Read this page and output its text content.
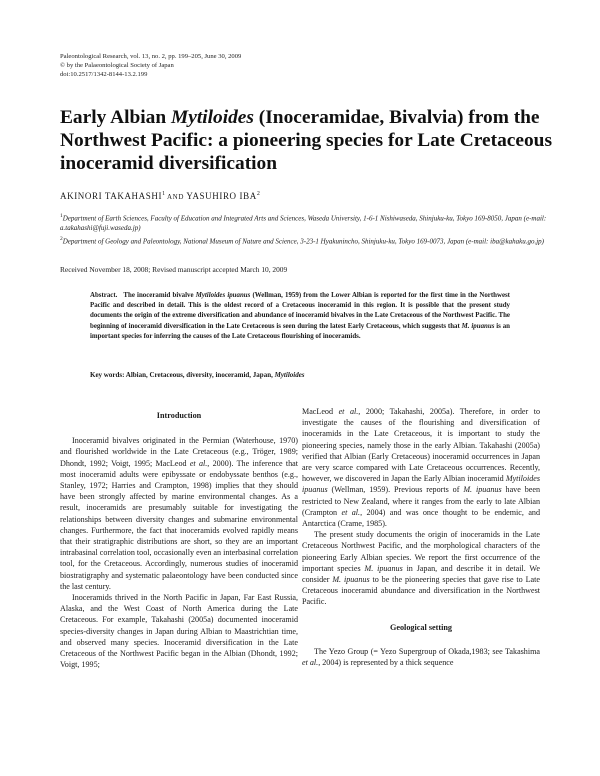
Paleontological Research, vol. 13, no. 2, pp. 199–205, June 30, 2009
© by the Palaeontological Society of Japan
doi:10.2517/1342-8144-13.2.199
Early Albian Mytiloides (Inoceramidae, Bivalvia) from the Northwest Pacific: a pioneering species for Late Cretaceous inoceramid diversification
AKINORI TAKAHASHI$^1$ AND YASUHIRO IBA$^2$
$^1$Department of Earth Sciences, Faculty of Education and Integrated Arts and Sciences, Waseda University, 1-6-1 Nishiwaseda, Shinjuku-ku, Tokyo 169-8050, Japan (e-mail: a.takahashi@fuji.waseda.jp)
$^2$Department of Geology and Paleontology, National Museum of Nature and Science, 3-23-1 Hyakunincho, Shinjuku-ku, Tokyo 169-0073, Japan (e-mail: iba@kahaku.go.jp)
Received November 18, 2008; Revised manuscript accepted March 10, 2009
Abstract. The inoceramid bivalve Mytiloides ipuanus (Wellman, 1959) from the Lower Albian is reported for the first time in the Northwest Pacific and described in detail. This is the oldest record of a Cretaceous inoceramid in this region. It is possible that the present study documents the origin of the extreme diversification and abundance of inoceramid bivalves in the Late Cretaceous of the Northwest Pacific. The beginning of inoceramid diversification in the Late Cretaceous is seen during the latest Early Cretaceous, which suggests that M. ipuanus is an important species for inferring the causes of the Late Cretaceous flourishing of inoceramids.
Key words: Albian, Cretaceous, diversity, inoceramid, Japan, Mytiloides
Introduction

Inoceramid bivalves originated in the Permian (Waterhouse, 1970) and flourished worldwide in the Late Cretaceous (e.g., Tröger, 1989; Dhondt, 1992; Voigt, 1995; MacLeod et al., 2000). The inference that most inoceramid adults were epibyssate or endobyssate benthos (e.g., Stanley, 1972; Harries and Crampton, 1998) implies that they should have been strongly affected by marine environmental changes. As a result, inoceramids are presumably suitable for investigating the relationships between diversity changes and submarine environmental changes. Furthermore, the fact that inoceramids evolved rapidly means that their stratigraphic distributions are short, so they are an important intrabasinal correlation tool, occasionally even an interbasinal correlation tool, for the Cretaceous. Accordingly, numerous studies of inoceramid biostratigraphy and systematic palaeontology have been conducted since the last century.

Inoceramids thrived in the North Pacific in Japan, Far East Russia, Alaska, and the West Coast of North America during the Late Cretaceous. For example, Takahashi (2005a) documented inoceramid species-diversity changes in Japan during Albian to Maastrichtian time, and observed many species. Inoceramid diversification in the Late Cretaceous of the Northwest Pacific began in the Albian (Dhondt, 1992; Voigt, 1995;

MacLeod et al., 2000; Takahashi, 2005a). Therefore, in order to investigate the causes of the flourishing and diversification of inoceramids in the Late Cretaceous, it is important to study the pioneering species, namely those in the early Albian. Takahashi (2005a) verified that Albian (Early Cretaceous) inoceramid occurrences in Japan are very scarce compared with Late Cretaceous occurrences. Recently, however, we discovered in Japan the Early Albian inoceramid Mytiloides ipuanus (Wellman, 1959). Previous reports of M. ipuanus have been restricted to New Zealand, where it ranges from the early to late Albian (Crampton et al., 2004) and was once thought to be endemic, and Antarctica (Crame, 1985).

The present study documents the origin of inoceramids in the Late Cretaceous Northwest Pacific, and the morphological characters of the pioneering Early Albian species. We report the first occurrence of the important species M. ipuanus in Japan, and describe it in detail. We consider M. ipuanus to be the pioneering species that gave rise to Late Cretaceous inoceramid abundance and diversification in the Northwest Pacific.

Geological setting

The Yezo Group (= Yezo Supergroup of Okada,1983; see Takashima et al., 2004) is represented by a thick sequence
